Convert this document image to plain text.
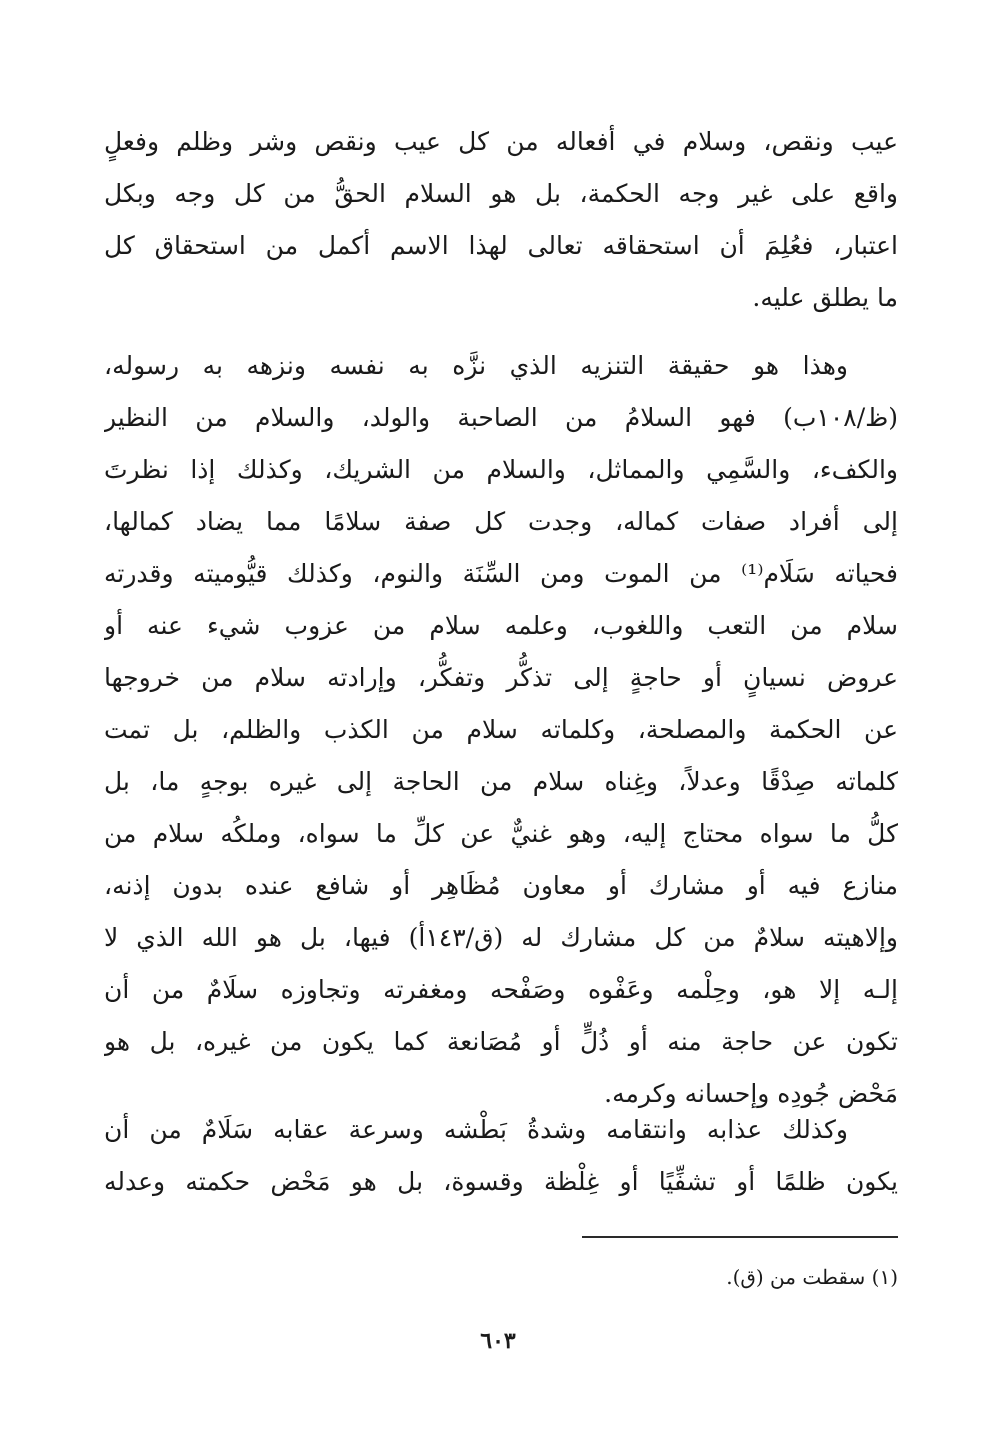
عيب ونقص، وسلام في أفعاله من كل عيب ونقص وشر وظلم وفعلٍ
واقع على غير وجه الحكمة، بل هو السلام الحقُّ من كل وجه وبكل
اعتبار، فعُلِمَ أن استحقاقه تعالى لهذا الاسم أكمل من استحقاق كل
ما يطلق عليه.
وهذا هو حقيقة التنزيه الذي نزَّه به نفسه ونزهه به رسوله،
(ظ/١٠٨ب) فهو السلامُ من الصاحبة والولد، والسلام من النظير
والكفء، والسَّمِي والمماثل، والسلام من الشريك، وكذلك إذا نظرتَ
إلى أفراد صفات كماله، وجدت كل صفة سلامًا مما يضاد كمالها،
فحياته سَلَام⁽¹⁾ من الموت ومن السِّنَة والنوم، وكذلك قيُّوميته وقدرته
سلام من التعب واللغوب، وعلمه سلام من عزوب شيء عنه أو
عروض نسيانٍ أو حاجةٍ إلى تذكُّر وتفكُّر، وإرادته سلام من خروجها
عن الحكمة والمصلحة، وكلماته سلام من الكذب والظلم، بل تمت
كلماته صِدْقًا وعدلاً، وغِناه سلام من الحاجة إلى غيره بوجهٍ ما، بل
كلُّ ما سواه محتاج إليه، وهو غنيٌّ عن كلِّ ما سواه، وملكُه سلام من
منازع فيه أو مشارك أو معاون مُظَاهِر أو شافع عنده بدون إذنه،
وإلاهيته سلامٌ من كل مشارك له (ق/١٤٣أ) فيها، بل هو الله الذي لا
إلـه إلا هو، وحِلْمه وعَفْوه وصَفْحه ومغفرته وتجاوزه سلَامٌ من أن
تكون عن حاجة منه أو ذُلٍّ أو مُصَانعة كما يكون من غيره، بل هو
مَحْض جُودِه وإحسانه وكرمه.
وكذلك عذابه وانتقامه وشدةُ بَطْشه وسرعة عقابه سَلَامٌ من أن
يكون ظلمًا أو تشفِّيًا أو غِلْظة وقسوة، بل هو مَحْض حكمته وعدله
(١) سقطت من (ق).
٦٠٣
